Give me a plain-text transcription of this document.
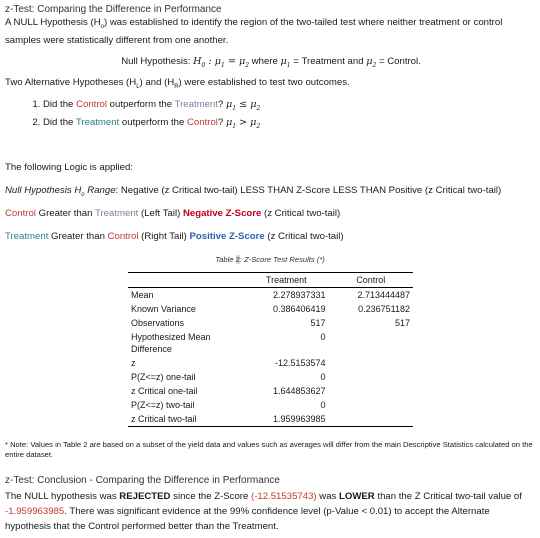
z-Test: Comparing the Difference in Performance
A NULL Hypothesis $(H_o)$ was established to identify the region of the two-tailed test where neither treatment or control samples were statistically different from one another.
Null Hypothesis: $H_0$ : $\mu_1 = \mu_2$ where $\mu_1$ = Treatment and $\mu_2$ = Control.
Two Alternative Hypotheses $(H_L)$ and $(H_R)$ were established to test two outcomes.
1. Did the Control outperform the Treatment? $\mu_1 \le \mu_2$
2. Did the Treatment outperform the Control? $\mu_1 > \mu_2$
The following Logic is applied:
Null Hypothesis $H_o$ Range: Negative (z Critical two-tail) LESS THAN Z-Score LESS THAN Positive (z Critical two-tail)
Control Greater than Treatment (Left Tail) Negative Z-Score (z Critical two-tail)
Treatment Greater than Control (Right Tail) Positive Z-Score (z Critical two-tail)
Table 2: Z-Score Test Results (*)
	Treatment	Control
Mean	2.278937331	2.713444487
Known Variance	0.386406419	0.236751182
Observations	517	517
Hypothesized Mean Difference	0	
z	-12.5153574	
P(Z<=z) one-tail	0	
z Critical one-tail	1.644853627	
P(Z<=z) two-tail	0	
z Critical two-tail	1.959963985	
* Note: Values in Table 2 are based on a subset of the yield data and values such as averages will differ from the main Descriptive Statistics calculated on the entire dataset.
z-Test: Conclusion - Comparing the Difference in Performance
The NULL hypothesis was REJECTED since the Z-Score (-12.51535743) was LOWER than the Z Critical two-tail value of -1.959963985. There was significant evidence at the 99% confidence level (p-Value < 0.01) to accept the Alternate hypothesis that the Control performed better than the Treatment.
